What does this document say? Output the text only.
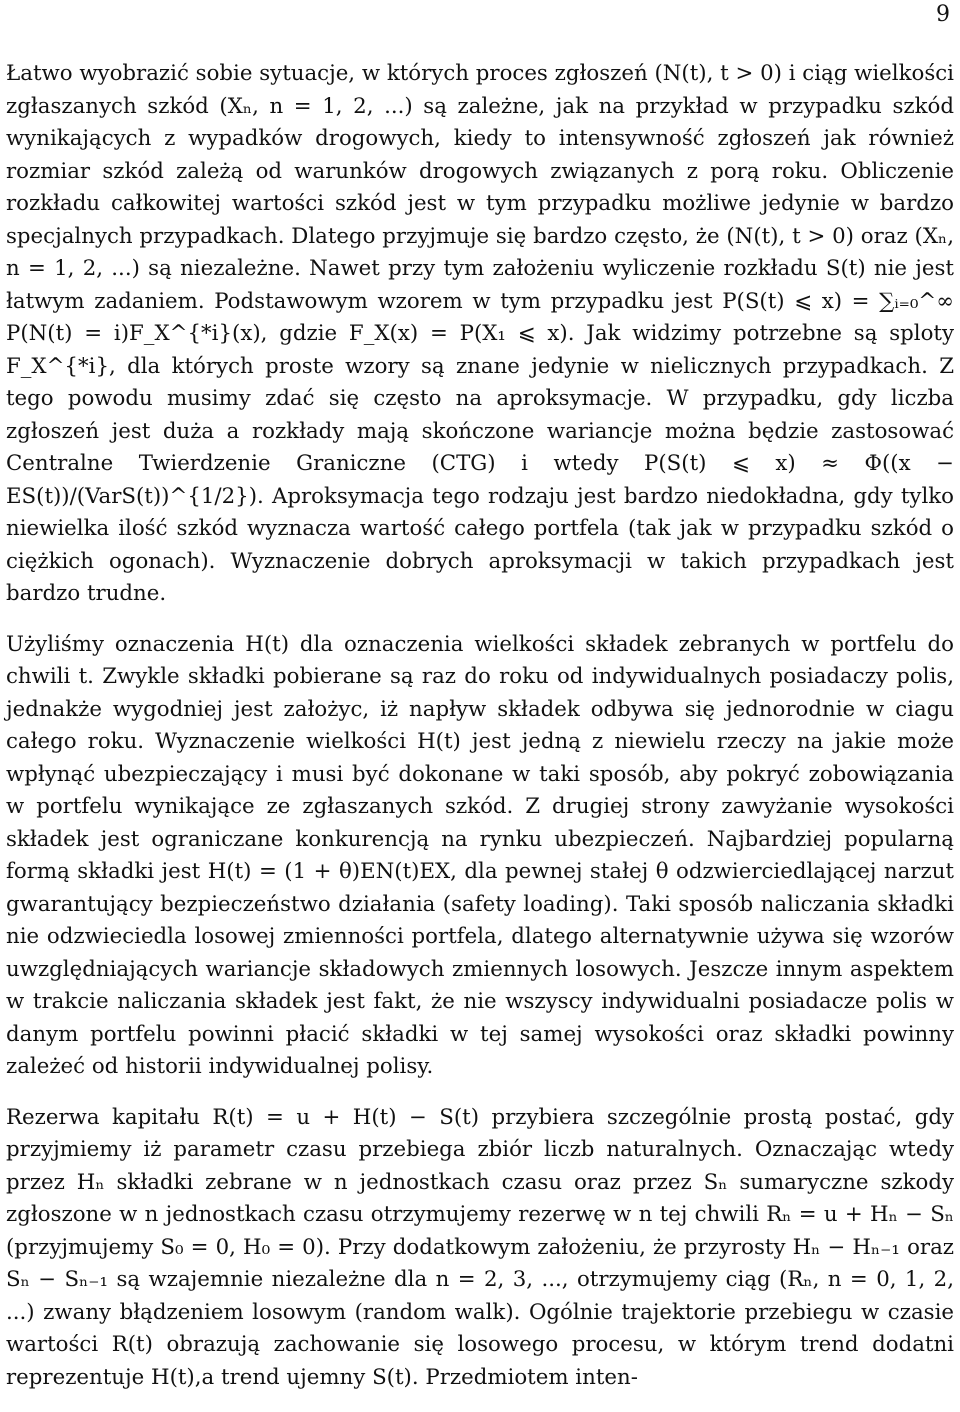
9

Łatwo wyobrazić sobie sytuacje, w których proces zgłoszeń (N(t), t > 0) i ciąg wielkości zgłaszanych szkód (Xₙ, n = 1, 2, ...) są zależne, jak na przykład w przypadku szkód wynikających z wypadków drogowych, kiedy to intensywność zgłoszeń jak również rozmiar szkód zależą od warunków drogowych związanych z porą roku. Obliczenie rozkładu całkowitej wartości szkód jest w tym przypadku możliwe jedynie w bardzo specjalnych przypadkach. Dlatego przyjmuje się bardzo często, że (N(t), t > 0) oraz (Xₙ, n = 1, 2, ...) są niezależne. Nawet przy tym założeniu wyliczenie rozkładu S(t) nie jest łatwym zadaniem. Podstawowym wzorem w tym przypadku jest P(S(t) ⩽ x) = ∑ᵢ₌₀^∞ P(N(t) = i)F_X^{*i}(x), gdzie F_X(x) = P(X₁ ⩽ x). Jak widzimy potrzebne są sploty F_X^{*i}, dla których proste wzory są znane jedynie w nielicznych przypadkach. Z tego powodu musimy zdać się często na aproksymacje. W przypadku, gdy liczba zgłoszeń jest duża a rozkłady mają skończone wariancje można będzie zastosować Centralne Twierdzenie Graniczne (CTG) i wtedy P(S(t) ⩽ x) ≈ Φ((x − ES(t))/(VarS(t))^{1/2}). Aproksymacja tego rodzaju jest bardzo niedokładna, gdy tylko niewielka ilość szkód wyznacza wartość całego portfela (tak jak w przypadku szkód o ciężkich ogonach). Wyznaczenie dobrych aproksymacji w takich przypadkach jest bardzo trudne.

Użyliśmy oznaczenia H(t) dla oznaczenia wielkości składek zebranych w portfelu do chwili t. Zwykle składki pobierane są raz do roku od indywidualnych posiadaczy polis, jednakże wygodniej jest założyc, iż napływ składek odbywa się jednorodnie w ciagu całego roku. Wyznaczenie wielkości H(t) jest jedną z niewielu rzeczy na jakie może wpłynąć ubezpieczający i musi być dokonane w taki sposób, aby pokryć zobowiązania w portfelu wynikające ze zgłaszanych szkód. Z drugiej strony zawyżanie wysokości składek jest ograniczane konkurencją na rynku ubezpieczeń. Najbardziej popularną formą składki jest H(t) = (1 + θ)EN(t)EX, dla pewnej stałej θ odzwierciedlającej narzut gwarantujący bezpieczeństwo działania (safety loading). Taki sposób naliczania składki nie odzwieciedla losowej zmienności portfela, dlatego alternatywnie używa się wzorów uwzględniających wariancje składowych zmiennych losowych. Jeszcze innym aspektem w trakcie naliczania składek jest fakt, że nie wszyscy indywidualni posiadacze polis w danym portfelu powinni płacić składki w tej samej wysokości oraz składki powinny zależeć od historii indywidualnej polisy.

Rezerwa kapitału R(t) = u + H(t) − S(t) przybiera szczególnie prostą postać, gdy przyjmiemy iż parametr czasu przebiega zbiór liczb naturalnych. Oznaczając wtedy przez Hₙ składki zebrane w n jednostkach czasu oraz przez Sₙ sumaryczne szkody zgłoszone w n jednostkach czasu otrzymujemy rezerwę w n tej chwili Rₙ = u + Hₙ − Sₙ (przyjmujemy S₀ = 0, H₀ = 0). Przy dodatkowym założeniu, że przyrosty Hₙ − Hₙ₋₁ oraz Sₙ − Sₙ₋₁ są wzajemnie niezależne dla n = 2, 3, ..., otrzymujemy ciąg (Rₙ, n = 0, 1, 2, ...) zwany błądzeniem losowym (random walk). Ogólnie trajektorie przebiegu w czasie wartości R(t) obrazują zachowanie się losowego procesu, w którym trend dodatni reprezentuje H(t),a trend ujemny S(t). Przedmiotem inten-
